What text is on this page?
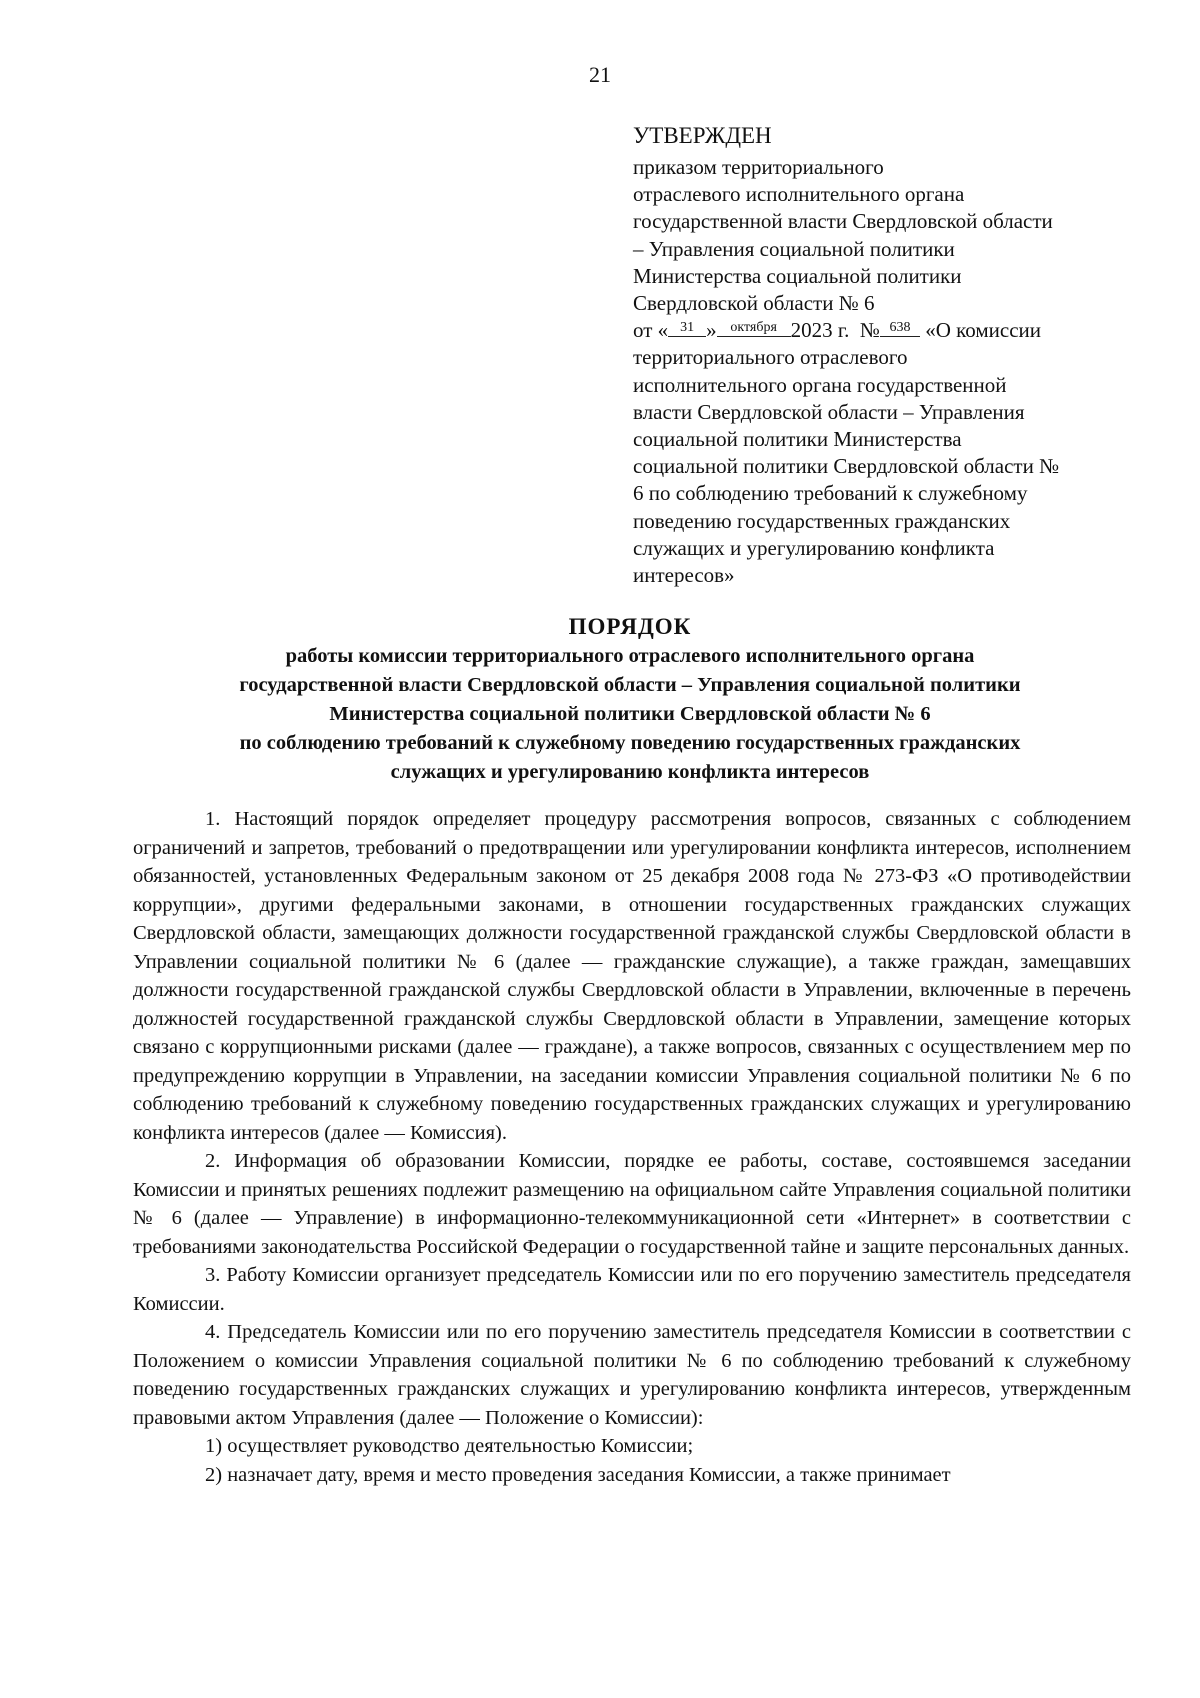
21
УТВЕРЖДЕН
приказом территориального
отраслевого исполнительного органа
государственной власти Свердловской области
– Управления социальной политики
Министерства социальной политики
Свердловской области № 6
от « 31 » октября 2023 г. № 638 «О комиссии
территориального отраслевого
исполнительного органа государственной
власти Свердловской области – Управления
социальной политики Министерства
социальной политики Свердловской области №
6 по соблюдению требований к служебному
поведению государственных гражданских
служащих и урегулированию конфликта
интересов»
ПОРЯДОК
работы комиссии территориального отраслевого исполнительного органа
государственной власти Свердловской области – Управления социальной политики
Министерства социальной политики Свердловской области № 6
по соблюдению требований к служебному поведению государственных гражданских
служащих и урегулированию конфликта интересов

1. Настоящий порядок определяет процедуру рассмотрения вопросов, связанных с соблюдением ограничений и запретов, требований о предотвращении или урегулировании конфликта интересов, исполнением обязанностей, установленных Федеральным законом от 25 декабря 2008 года № 273-ФЗ «О противодействии коррупции», другими федеральными законами, в отношении государственных гражданских служащих Свердловской области, замещающих должности государственной гражданской службы Свердловской области в Управлении социальной политики № 6 (далее — гражданские служащие), а также граждан, замещавших должности государственной гражданской службы Свердловской области в Управлении, включенные в перечень должностей государственной гражданской службы Свердловской области в Управлении, замещение которых связано с коррупционными рисками (далее — граждане), а также вопросов, связанных с осуществлением мер по предупреждению коррупции в Управлении, на заседании комиссии Управления социальной политики № 6 по соблюдению требований к служебному поведению государственных гражданских служащих и урегулированию конфликта интересов (далее — Комиссия).

2. Информация об образовании Комиссии, порядке ее работы, составе, состоявшемся заседании Комиссии и принятых решениях подлежит размещению на официальном сайте Управления социальной политики № 6 (далее — Управление) в информационно-телекоммуникационной сети «Интернет» в соответствии с требованиями законодательства Российской Федерации о государственной тайне и защите персональных данных.

3. Работу Комиссии организует председатель Комиссии или по его поручению заместитель председателя Комиссии.

4. Председатель Комиссии или по его поручению заместитель председателя Комиссии в соответствии с Положением о комиссии Управления социальной политики № 6 по соблюдению требований к служебному поведению государственных гражданских служащих и урегулированию конфликта интересов, утвержденным правовыми актом Управления (далее — Положение о Комиссии):

1) осуществляет руководство деятельностью Комиссии;

2) назначает дату, время и место проведения заседания Комиссии, а также принимает
